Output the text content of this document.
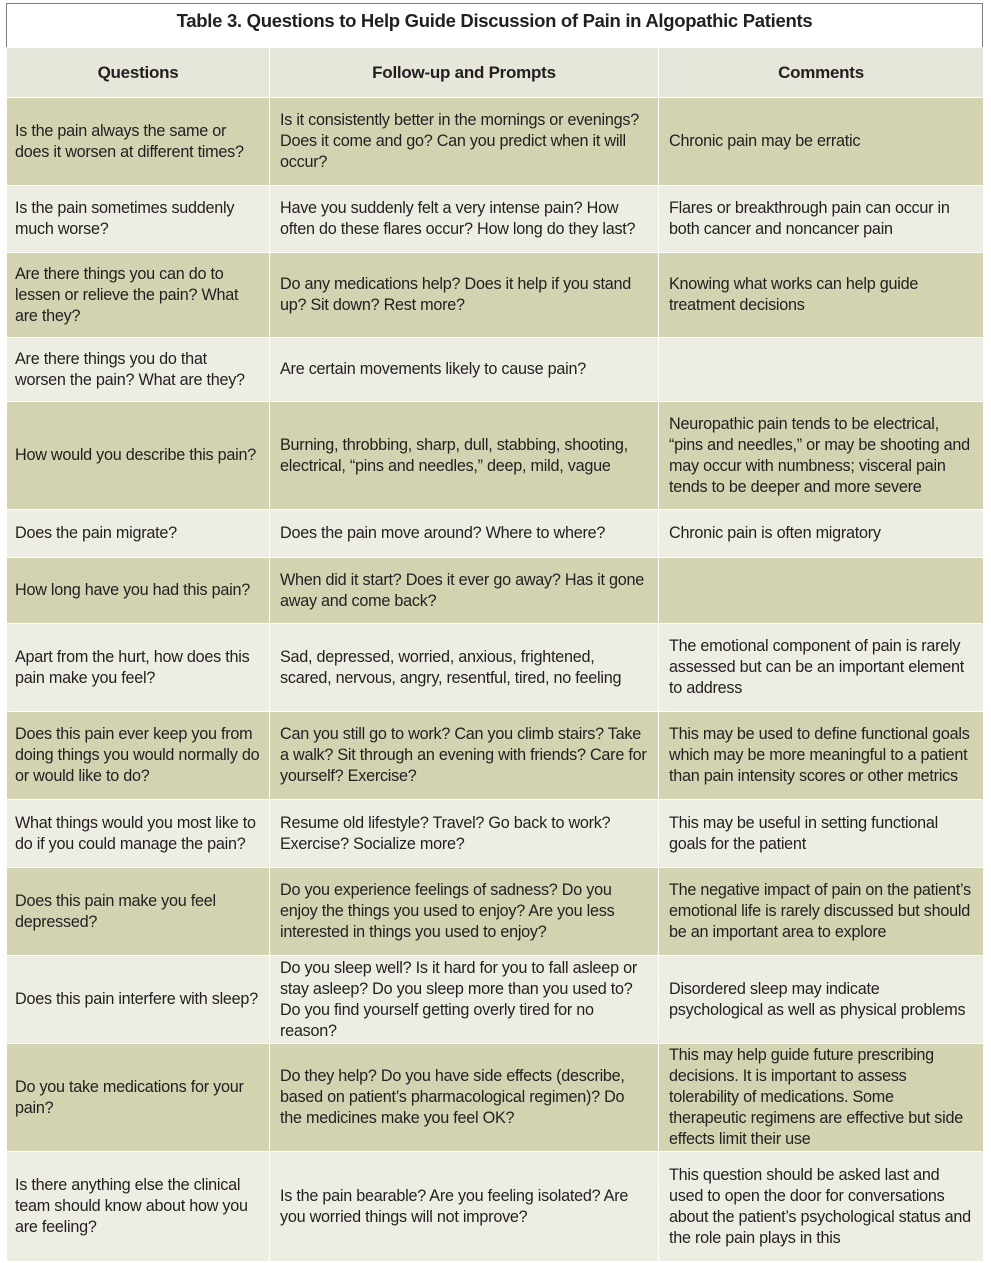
Table 3. Questions to Help Guide Discussion of Pain in Algopathic Patients
Questions	Follow-up and Prompts	Comments
Is the pain always the same or does it worsen at different times?	Is it consistently better in the mornings or evenings? Does it come and go? Can you predict when it will occur?	Chronic pain may be erratic
Is the pain sometimes suddenly much worse?	Have you suddenly felt a very intense pain? How often do these flares occur? How long do they last?	Flares or breakthrough pain can occur in both cancer and noncancer pain
Are there things you can do to lessen or relieve the pain? What are they?	Do any medications help? Does it help if you stand up? Sit down? Rest more?	Knowing what works can help guide treatment decisions
Are there things you do that worsen the pain? What are they?	Are certain movements likely to cause pain?	
How would you describe this pain?	Burning, throbbing, sharp, dull, stabbing, shooting, electrical, “pins and needles,” deep, mild, vague	Neuropathic pain tends to be electrical, “pins and needles,” or may be shooting and may occur with numbness; visceral pain tends to be deeper and more severe
Does the pain migrate?	Does the pain move around? Where to where?	Chronic pain is often migratory
How long have you had this pain?	When did it start? Does it ever go away? Has it gone away and come back?	
Apart from the hurt, how does this pain make you feel?	Sad, depressed, worried, anxious, frightened, scared, nervous, angry, resentful, tired, no feeling	The emotional component of pain is rarely assessed but can be an important element to address
Does this pain ever keep you from doing things you would normally do or would like to do?	Can you still go to work? Can you climb stairs? Take a walk? Sit through an evening with friends? Care for yourself? Exercise?	This may be used to define functional goals which may be more meaningful to a patient than pain intensity scores or other metrics
What things would you most like to do if you could manage the pain?	Resume old lifestyle? Travel? Go back to work? Exercise? Socialize more?	This may be useful in setting functional goals for the patient
Does this pain make you feel depressed?	Do you experience feelings of sadness? Do you enjoy the things you used to enjoy? Are you less interested in things you used to enjoy?	The negative impact of pain on the patient’s emotional life is rarely discussed but should be an important area to explore
Does this pain interfere with sleep?	Do you sleep well? Is it hard for you to fall asleep or stay asleep? Do you sleep more than you used to? Do you find yourself getting overly tired for no reason?	Disordered sleep may indicate psychological as well as physical problems
Do you take medications for your pain?	Do they help? Do you have side effects (describe, based on patient’s pharmacological regimen)? Do the medicines make you feel OK?	This may help guide future prescribing decisions. It is important to assess tolerability of medications. Some therapeutic regimens are effective but side effects limit their use
Is there anything else the clinical team should know about how you are feeling?	Is the pain bearable? Are you feeling isolated? Are you worried things will not improve?	This question should be asked last and used to open the door for conversations about the patient’s psychological status and the role pain plays in this
